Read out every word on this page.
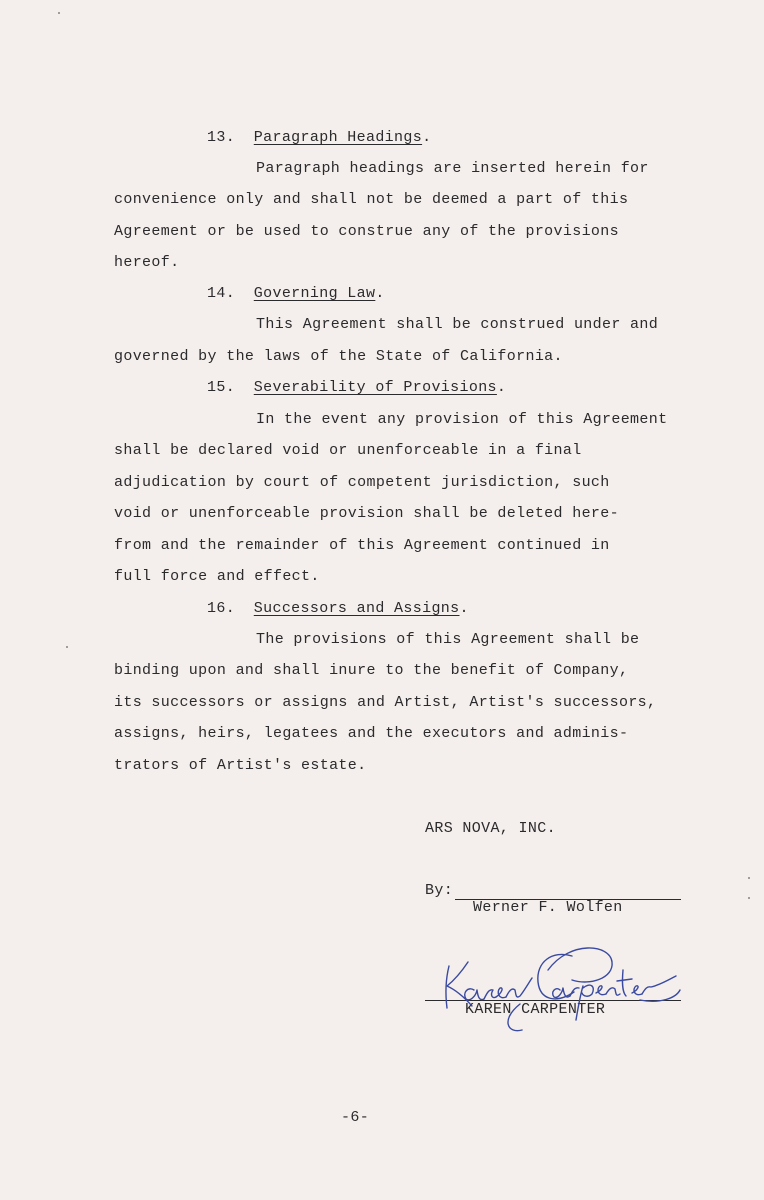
13. Paragraph Headings.
Paragraph headings are inserted herein for
convenience only and shall not be deemed a part of this
Agreement or be used to construe any of the provisions
hereof.
14. Governing Law.
This Agreement shall be construed under and
governed by the laws of the State of California.
15. Severability of Provisions.
In the event any provision of this Agreement
shall be declared void or unenforceable in a final
adjudication by court of competent jurisdiction, such
void or unenforceable provision shall be deleted here-
from and the remainder of this Agreement continued in
full force and effect.
16. Successors and Assigns.
The provisions of this Agreement shall be
binding upon and shall inure to the benefit of Company,
its successors or assigns and Artist, Artist's successors,
assigns, heirs, legatees and the executors and adminis-
trators of Artist's estate.
ARS NOVA, INC.
By:
Werner F. Wolfen
KAREN CARPENTER
-6-
